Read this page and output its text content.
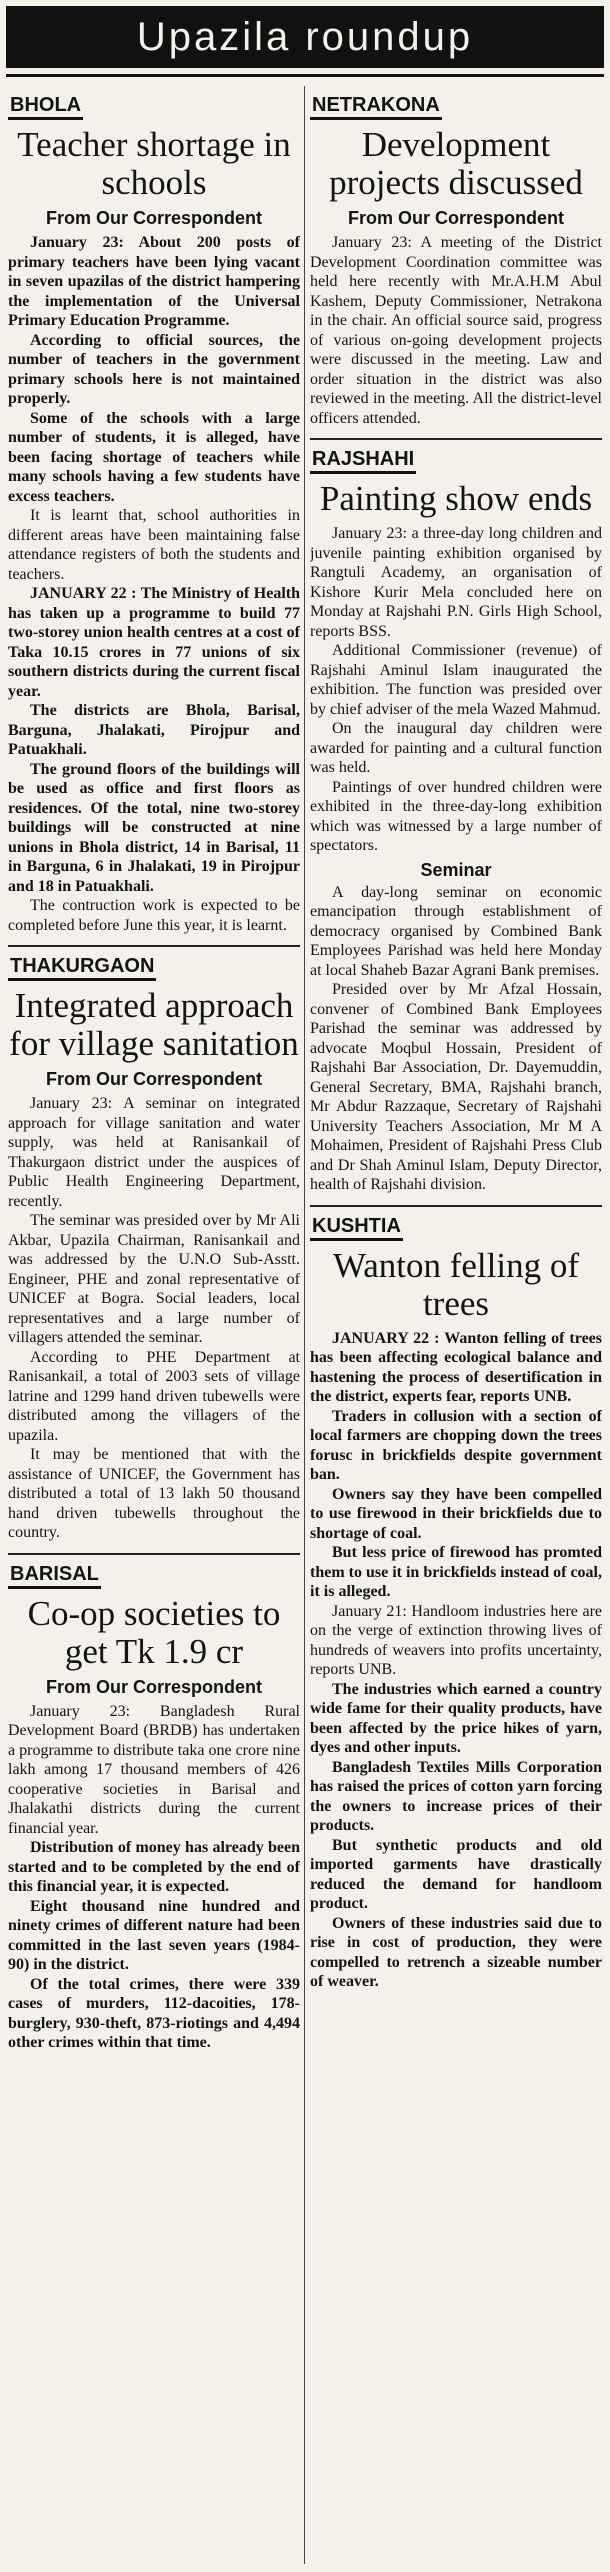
Upazila roundup
BHOLA
Teacher shortage in schools
From Our Correspondent

January 23: About 200 posts of primary teachers have been lying vacant in seven upazilas of the district hampering the implementation of the Universal Primary Education Programme.

According to official sources, the number of teachers in the government primary schools here is not maintained properly.

Some of the schools with a large number of students, it is alleged, have been facing shortage of teachers while many schools having a few students have excess teachers.

It is learnt that, school authorities in different areas have been maintaining false attendance registers of both the students and teachers.

JANUARY 22 : The Ministry of Health has taken up a programme to build 77 two-storey union health centres at a cost of Taka 10.15 crores in 77 unions of six southern districts during the current fiscal year.

The districts are Bhola, Barisal, Barguna, Jhalakati, Pirojpur and Patuakhali.

The ground floors of the buildings will be used as office and first floors as residences. Of the total, nine two-storey buildings will be constructed at nine unions in Bhola district, 14 in Barisal, 11 in Barguna, 6 in Jhalakati, 19 in Pirojpur and 18 in Patuakhali.

The contruction work is expected to be completed before June this year, it is learnt.

THAKURGAON
Integrated approach for village sanitation
From Our Correspondent

January 23: A seminar on integrated approach for village sanitation and water supply, was held at Ranisankail of Thakurgaon district under the auspices of Public Health Engineering Department, recently.

The seminar was presided over by Mr Ali Akbar, Upazila Chairman, Ranisankail and was addressed by the U.N.O Sub-Asstt. Engineer, PHE and zonal representative of UNICEF at Bogra. Social leaders, local representatives and a large number of villagers attended the seminar.

According to PHE Department at Ranisankail, a total of 2003 sets of village latrine and 1299 hand driven tubewells were distributed among the villagers of the upazila.

It may be mentioned that with the assistance of UNICEF, the Government has distributed a total of 13 lakh 50 thousand hand driven tubewells throughout the country.

BARISAL
Co-op societies to get Tk 1.9 cr
From Our Correspondent

January 23: Bangladesh Rural Development Board (BRDB) has undertaken a programme to distribute taka one crore nine lakh among 17 thousand members of 426 cooperative societies in Barisal and Jhalakathi districts during the current financial year.

Distribution of money has already been started and to be completed by the end of this financial year, it is expected.

Eight thousand nine hundred and ninety crimes of different nature had been committed in the last seven years (1984-90) in the district.

Of the total crimes, there were 339 cases of murders, 112-dacoities, 178-burglery, 930-theft, 873-riotings and 4,494 other crimes within that time.

NETRAKONA
Development projects discussed
From Our Correspondent

January 23: A meeting of the District Development Coordination committee was held here recently with Mr.A.H.M Abul Kashem, Deputy Commissioner, Netrakona in the chair. An official source said, progress of various on-going development projects were discussed in the meeting. Law and order situation in the district was also reviewed in the meeting. All the district-level officers attended.

RAJSHAHI
Painting show ends

January 23: a three-day long children and juvenile painting exhibition organised by Rangtuli Academy, an organisation of Kishore Kurir Mela concluded here on Monday at Rajshahi P.N. Girls High School, reports BSS.

Additional Commissioner (revenue) of Rajshahi Aminul Islam inaugurated the exhibition. The function was presided over by chief adviser of the mela Wazed Mahmud.

On the inaugural day children were awarded for painting and a cultural function was held.

Paintings of over hundred children were exhibited in the three-day-long exhibition which was witnessed by a large number of spectators.

Seminar

A day-long seminar on economic emancipation through establishment of democracy organised by Combined Bank Employees Parishad was held here Monday at local Shaheb Bazar Agrani Bank premises.

Presided over by Mr Afzal Hossain, convener of Combined Bank Employees Parishad the seminar was addressed by advocate Moqbul Hossain, President of Rajshahi Bar Association, Dr. Dayemuddin, General Secretary, BMA, Rajshahi branch, Mr Abdur Razzaque, Secretary of Rajshahi University Teachers Association, Mr M A Mohaimen, President of Rajshahi Press Club and Dr Shah Aminul Islam, Deputy Director, health of Rajshahi division.

KUSHTIA
Wanton felling of trees

JANUARY 22 : Wanton felling of trees has been affecting ecological balance and hastening the process of desertification in the district, experts fear, reports UNB.

Traders in collusion with a section of local farmers are chopping down the trees forusc in brickfields despite government ban.

Owners say they have been compelled to use firewood in their brickfields due to shortage of coal.

But less price of firewood has promted them to use it in brickfields instead of coal, it is alleged.

January 21: Handloom industries here are on the verge of extinction throwing lives of hundreds of weavers into profits uncertainty, reports UNB.

The industries which earned a country wide fame for their quality products, have been affected by the price hikes of yarn, dyes and other inputs.

Bangladesh Textiles Mills Corporation has raised the prices of cotton yarn forcing the owners to increase prices of their products.

But synthetic products and old imported garments have drastically reduced the demand for handloom product.

Owners of these industries said due to rise in cost of production, they were compelled to retrench a sizeable number of weaver.
